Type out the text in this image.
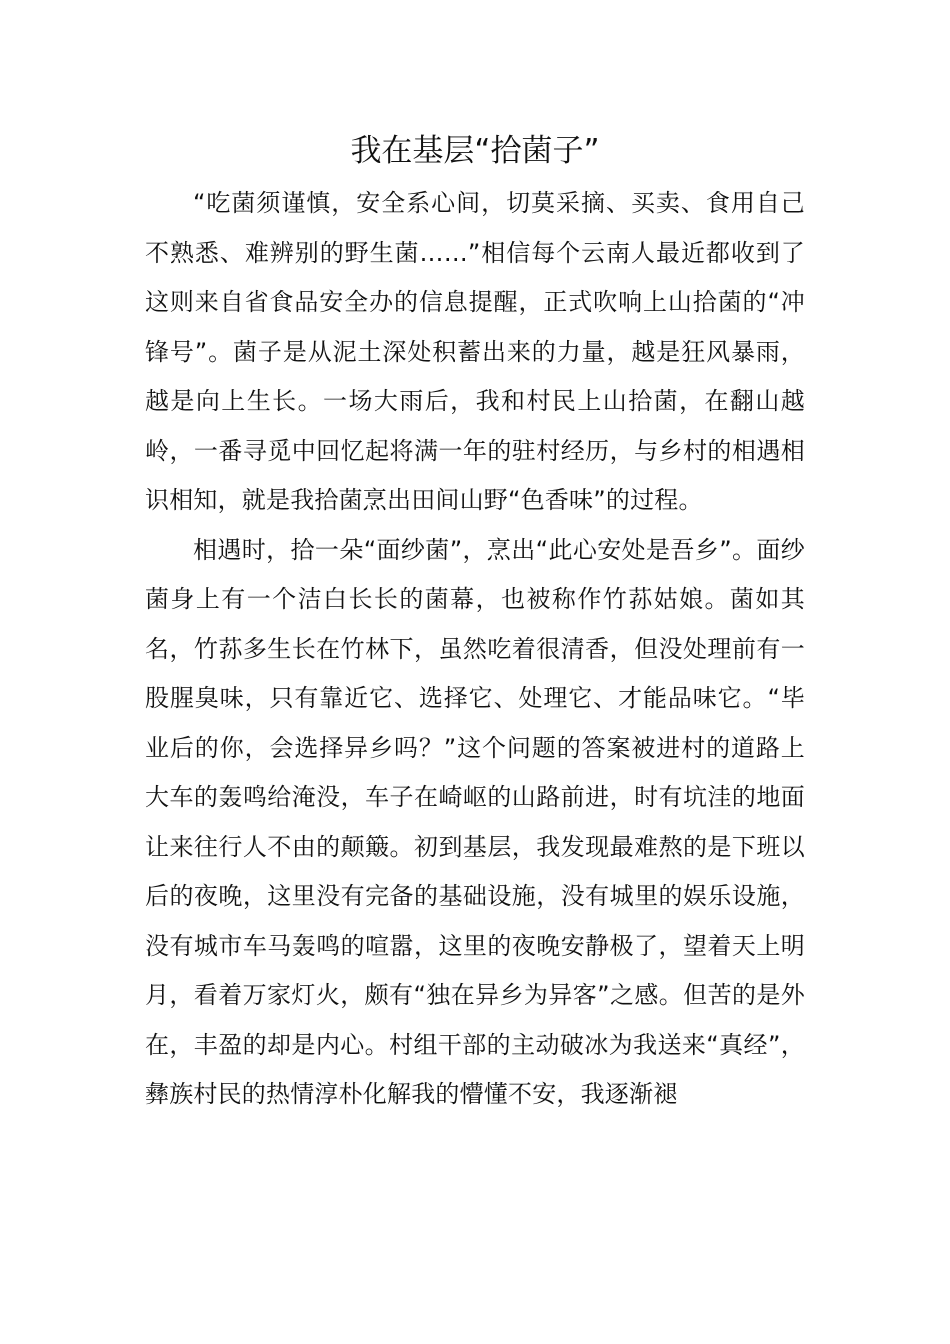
我在基层“拾菌子”

“吃菌须谨慎，安全系心间，切莫采摘、买卖、食用自己不熟悉、难辨别的野生菌……”相信每个云南人最近都收到了这则来自省食品安全办的信息提醒，正式吹响上山拾菌的“冲锋号”。菌子是从泥土深处积蓄出来的力量，越是狂风暴雨，越是向上生长。一场大雨后，我和村民上山拾菌，在翻山越岭，一番寻觅中回忆起将满一年的驻村经历，与乡村的相遇相识相知，就是我拾菌烹出田间山野“色香味”的过程。

相遇时，拾一朵“面纱菌”，烹出“此心安处是吾乡”。面纱菌身上有一个洁白长长的菌幕，也被称作竹荪姑娘。菌如其名，竹荪多生长在竹林下，虽然吃着很清香，但没处理前有一股腥臭味，只有靠近它、选择它、处理它、才能品味它。“毕业后的你，会选择异乡吗？”这个问题的答案被进村的道路上大车的轰鸣给淹没，车子在崎岖的山路前进，时有坑洼的地面让来往行人不由的颠簸。初到基层，我发现最难熬的是下班以后的夜晚，这里没有完备的基础设施，没有城里的娱乐设施，没有城市车马轰鸣的喧嚣，这里的夜晚安静极了，望着天上明月，看着万家灯火，颇有“独在异乡为异客”之感。但苦的是外在，丰盈的却是内心。村组干部的主动破冰为我送来“真经”，彝族村民的热情淳朴化解我的懵懂不安，我逐渐褪
